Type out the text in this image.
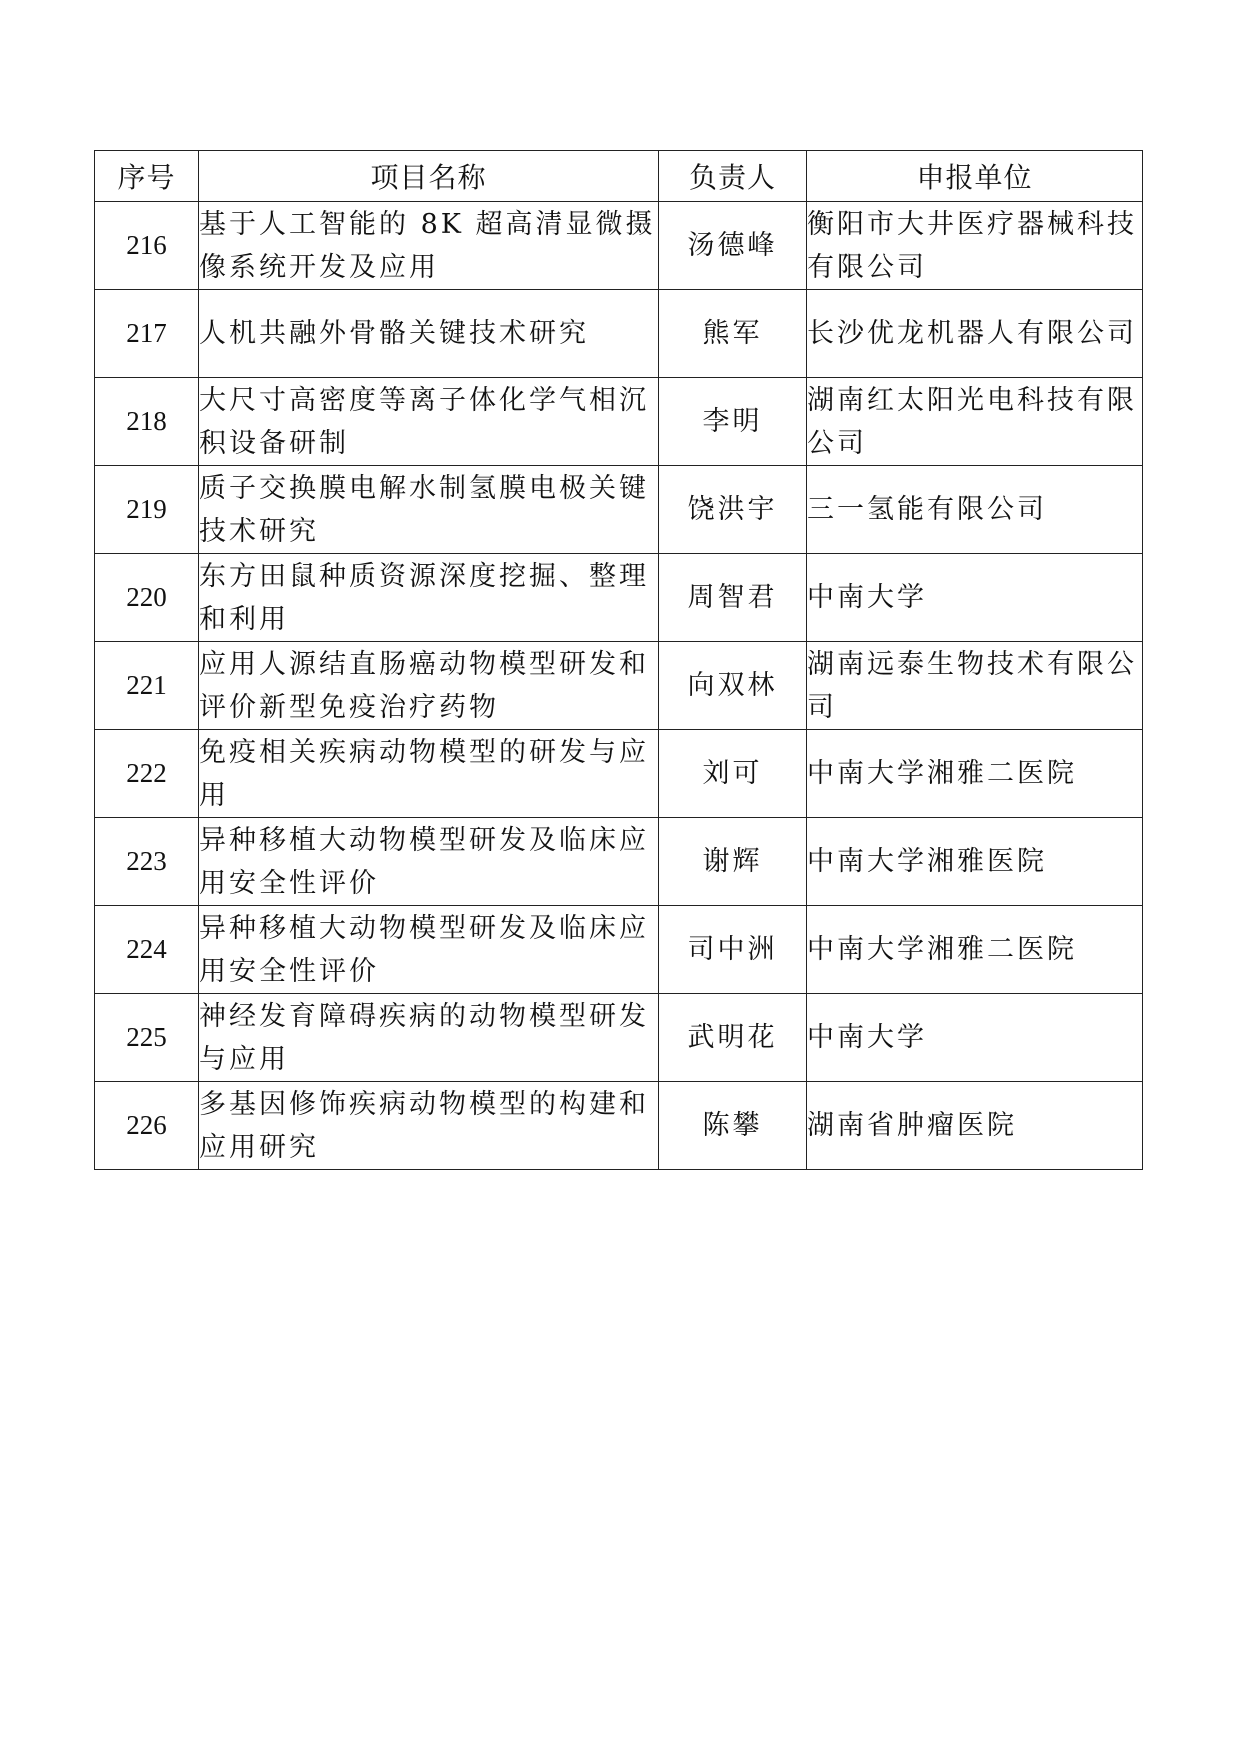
序号	项目名称	负责人	申报单位
216	基于人工智能的 8K 超高清显微摄像系统开发及应用	汤德峰	衡阳市大井医疗器械科技有限公司
217	人机共融外骨骼关键技术研究	熊军	长沙优龙机器人有限公司
218	大尺寸高密度等离子体化学气相沉积设备研制	李明	湖南红太阳光电科技有限公司
219	质子交换膜电解水制氢膜电极关键技术研究	饶洪宇	三一氢能有限公司
220	东方田鼠种质资源深度挖掘、整理和利用	周智君	中南大学
221	应用人源结直肠癌动物模型研发和评价新型免疫治疗药物	向双林	湖南远泰生物技术有限公司
222	免疫相关疾病动物模型的研发与应用	刘可	中南大学湘雅二医院
223	异种移植大动物模型研发及临床应用安全性评价	谢辉	中南大学湘雅医院
224	异种移植大动物模型研发及临床应用安全性评价	司中洲	中南大学湘雅二医院
225	神经发育障碍疾病的动物模型研发与应用	武明花	中南大学
226	多基因修饰疾病动物模型的构建和应用研究	陈攀	湖南省肿瘤医院
